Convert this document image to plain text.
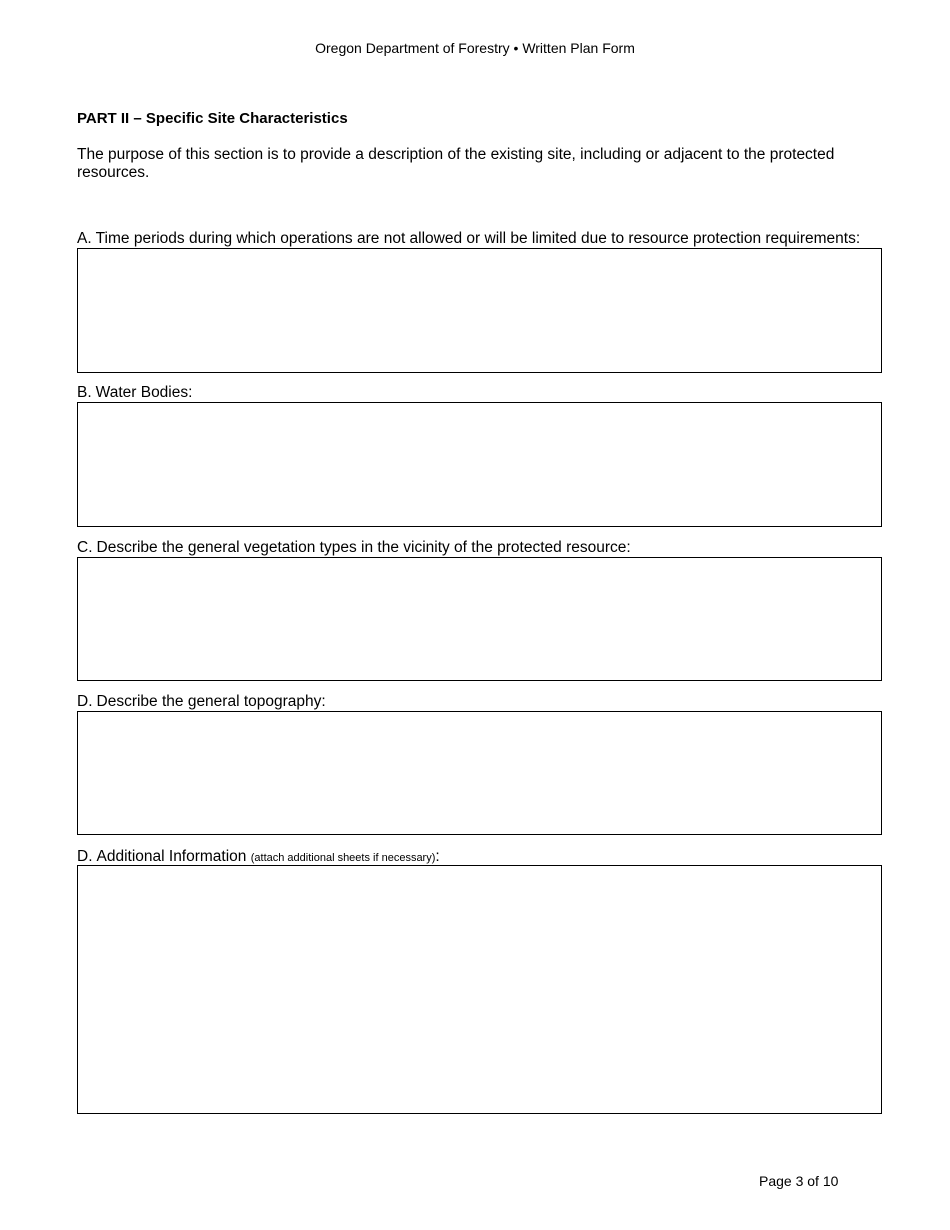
Oregon Department of Forestry • Written Plan Form
PART II – Specific Site Characteristics
The purpose of this section is to provide a description of the existing site, including or adjacent to the protected resources.
A. Time periods during which operations are not allowed or will be limited due to resource protection requirements:
B. Water Bodies:
C. Describe the general vegetation types in the vicinity of the protected resource:
D. Describe the general topography:
D. Additional Information (attach additional sheets if necessary):
Page 3 of 10
